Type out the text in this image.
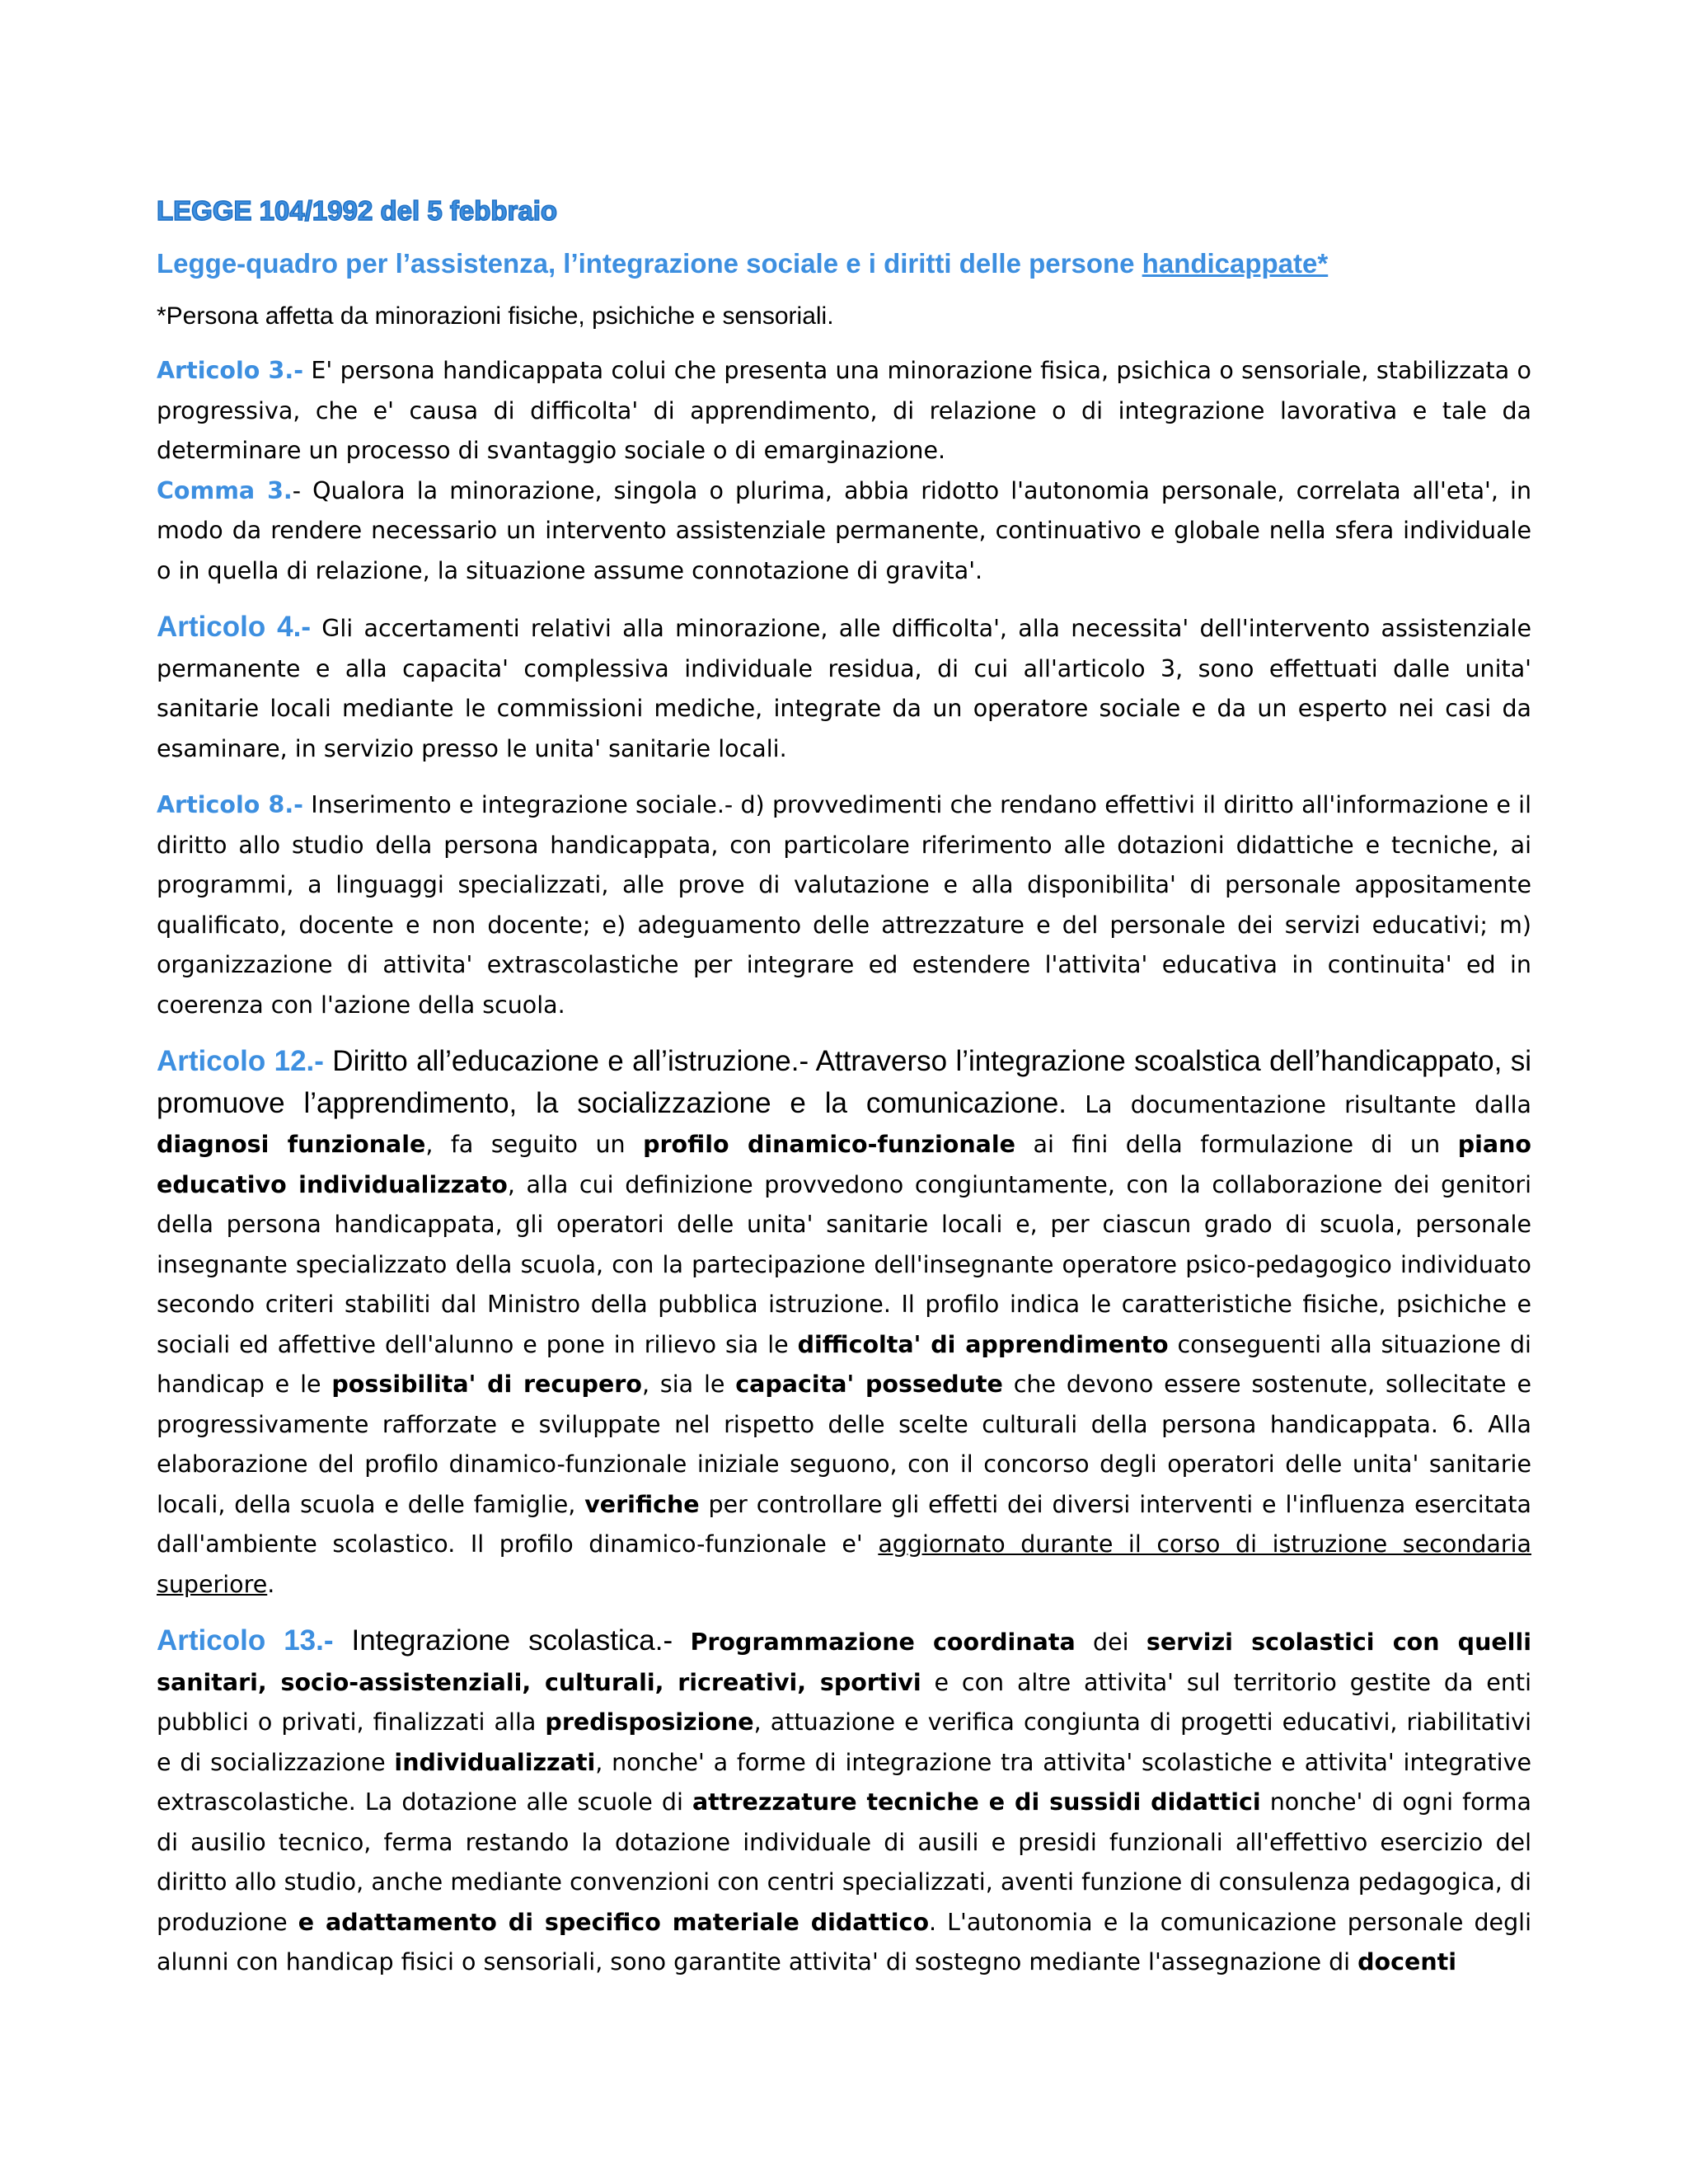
LEGGE 104/1992 del 5 febbraio

Legge-quadro per l’assistenza, l’integrazione sociale e i diritti delle persone handicappate*

*Persona affetta da minorazioni fisiche, psichiche e sensoriali.

Articolo 3.- E' persona handicappata colui che presenta una minorazione fisica, psichica o sensoriale, stabilizzata o progressiva, che e' causa di difficolta' di apprendimento, di relazione o di integrazione lavorativa e tale da determinare un processo di svantaggio sociale o di emarginazione.

Comma 3.- Qualora la minorazione, singola o plurima, abbia ridotto l'autonomia personale, correlata all'eta', in modo da rendere necessario un intervento assistenziale permanente, continuativo e globale nella sfera individuale o in quella di relazione, la situazione assume connotazione di gravita'.

Articolo 4.- Gli accertamenti relativi alla minorazione, alle difficolta', alla necessita' dell'intervento assistenziale permanente e alla capacita' complessiva individuale residua, di cui all'articolo 3, sono effettuati dalle unita' sanitarie locali mediante le commissioni mediche, integrate da un operatore sociale e da un esperto nei casi da esaminare, in servizio presso le unita' sanitarie locali.

Articolo 8.- Inserimento e integrazione sociale.- d) provvedimenti che rendano effettivi il diritto all'informazione e il diritto allo studio della persona handicappata, con particolare riferimento alle dotazioni didattiche e tecniche, ai programmi, a linguaggi specializzati, alle prove di valutazione e alla disponibilita' di personale appositamente qualificato, docente e non docente; e) adeguamento delle attrezzature e del personale dei servizi educativi; m) organizzazione di attivita' extrascolastiche per integrare ed estendere l'attivita' educativa in continuita' ed in coerenza con l'azione della scuola.

Articolo 12.- Diritto all’educazione e all’istruzione.- Attraverso l’integrazione scoalstica dell’handicappato, si promuove l’apprendimento, la socializzazione e la comunicazione. La documentazione risultante dalla diagnosi funzionale, fa seguito un profilo dinamico-funzionale ai fini della formulazione di un piano educativo individualizzato, alla cui definizione provvedono congiuntamente, con la collaborazione dei genitori della persona handicappata, gli operatori delle unita' sanitarie locali e, per ciascun grado di scuola, personale insegnante specializzato della scuola, con la partecipazione dell'insegnante operatore psico-pedagogico individuato secondo criteri stabiliti dal Ministro della pubblica istruzione. Il profilo indica le caratteristiche fisiche, psichiche e sociali ed affettive dell'alunno e pone in rilievo sia le difficolta' di apprendimento conseguenti alla situazione di handicap e le possibilita' di recupero, sia le capacita' possedute che devono essere sostenute, sollecitate e progressivamente rafforzate e sviluppate nel rispetto delle scelte culturali della persona handicappata. 6. Alla elaborazione del profilo dinamico-funzionale iniziale seguono, con il concorso degli operatori delle unita' sanitarie locali, della scuola e delle famiglie, verifiche per controllare gli effetti dei diversi interventi e l'influenza esercitata dall'ambiente scolastico. Il profilo dinamico-funzionale e' aggiornato durante il corso di istruzione secondaria superiore.

Articolo 13.- Integrazione scolastica.- Programmazione coordinata dei servizi scolastici con quelli sanitari, socio-assistenziali, culturali, ricreativi, sportivi e con altre attivita' sul territorio gestite da enti pubblici o privati, finalizzati alla predisposizione, attuazione e verifica congiunta di progetti educativi, riabilitativi e di socializzazione individualizzati, nonche' a forme di integrazione tra attivita' scolastiche e attivita' integrative extrascolastiche. La dotazione alle scuole di attrezzature tecniche e di sussidi didattici nonche' di ogni forma di ausilio tecnico, ferma restando la dotazione individuale di ausili e presidi funzionali all'effettivo esercizio del diritto allo studio, anche mediante convenzioni con centri specializzati, aventi funzione di consulenza pedagogica, di produzione e adattamento di specifico materiale didattico. L'autonomia e la comunicazione personale degli alunni con handicap fisici o sensoriali, sono garantite attivita' di sostegno mediante l'assegnazione di docenti
